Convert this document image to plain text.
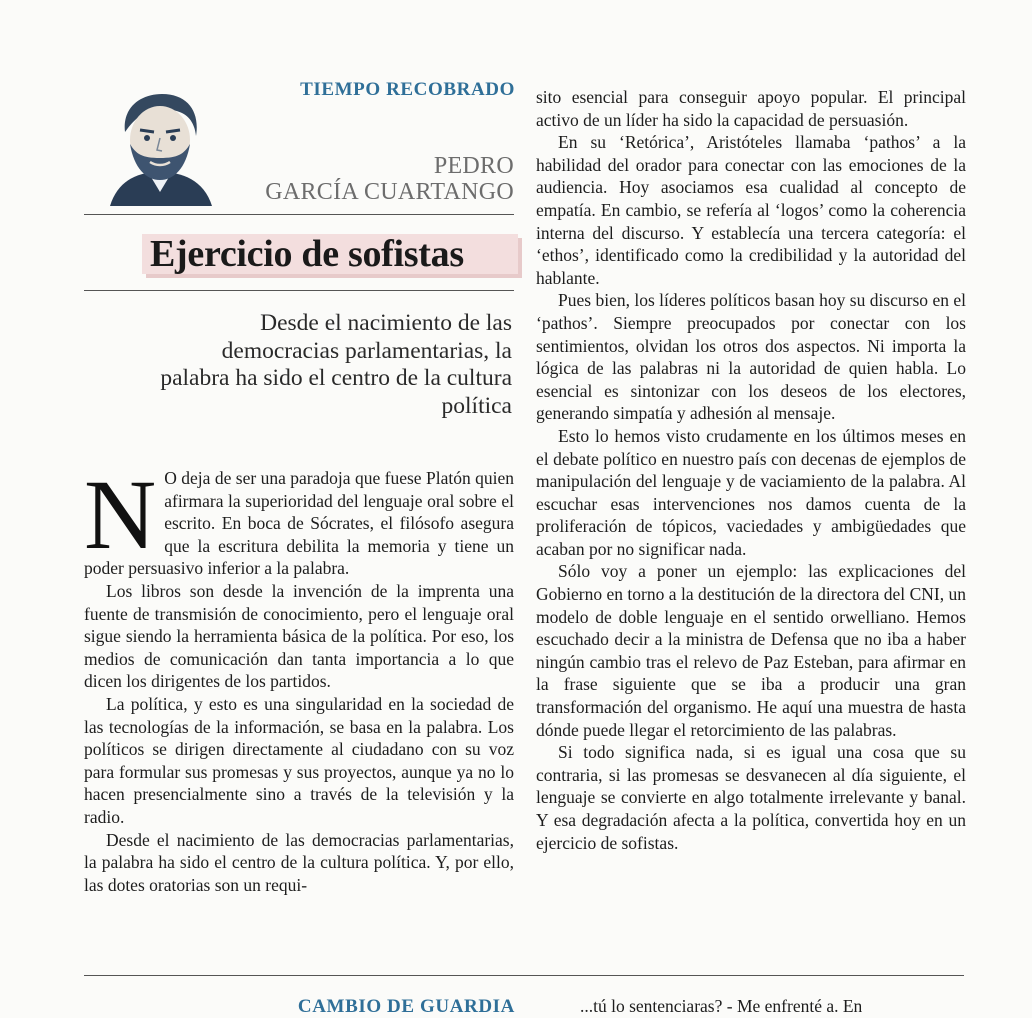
TIEMPO RECOBRADO
PEDRO
GARCÍA CUARTANGO
Ejercicio de sofistas
Desde el nacimiento de las democracias parlamentarias, la palabra ha sido el centro de la cultura política

N O deja de ser una paradoja que fuese Platón quien afirmara la superioridad del lenguaje oral sobre el escrito. En boca de Sócrates, el filósofo asegura que la escritura debilita la memoria y tiene un poder persuasivo inferior a la palabra.

Los libros son desde la invención de la imprenta una fuente de transmisión de conocimiento, pero el lenguaje oral sigue siendo la herramienta básica de la política. Por eso, los medios de comunicación dan tanta importancia a lo que dicen los dirigentes de los partidos.

La política, y esto es una singularidad en la sociedad de las tecnologías de la información, se basa en la palabra. Los políticos se dirigen directamente al ciudadano con su voz para formular sus promesas y sus proyectos, aunque ya no lo hacen presencialmente sino a través de la televisión y la radio.

Desde el nacimiento de las democracias parlamentarias, la palabra ha sido el centro de la cultura política. Y, por ello, las dotes oratorias son un requi-

sito esencial para conseguir apoyo popular. El principal activo de un líder ha sido la capacidad de persuasión.

En su ‘Retórica’, Aristóteles llamaba ‘pathos’ a la habilidad del orador para conectar con las emociones de la audiencia. Hoy asociamos esa cualidad al concepto de empatía. En cambio, se refería al ‘logos’ como la coherencia interna del discurso. Y establecía una tercera categoría: el ‘ethos’, identificado como la credibilidad y la autoridad del hablante.

Pues bien, los líderes políticos basan hoy su discurso en el ‘pathos’. Siempre preocupados por conectar con los sentimientos, olvidan los otros dos aspectos. Ni importa la lógica de las palabras ni la autoridad de quien habla. Lo esencial es sintonizar con los deseos de los electores, generando simpatía y adhesión al mensaje.

Esto lo hemos visto crudamente en los últimos meses en el debate político en nuestro país con decenas de ejemplos de manipulación del lenguaje y de vaciamiento de la palabra. Al escuchar esas intervenciones nos damos cuenta de la proliferación de tópicos, vaciedades y ambigüedades que acaban por no significar nada.

Sólo voy a poner un ejemplo: las explicaciones del Gobierno en torno a la destitución de la directora del CNI, un modelo de doble lenguaje en el sentido orwelliano. Hemos escuchado decir a la ministra de Defensa que no iba a haber ningún cambio tras el relevo de Paz Esteban, para afirmar en la frase siguiente que se iba a producir una gran transformación del organismo. He aquí una muestra de hasta dónde puede llegar el retorcimiento de las palabras.

Si todo significa nada, si es igual una cosa que su contraria, si las promesas se desvanecen al día siguiente, el lenguaje se convierte en algo totalmente irrelevante y banal. Y esa degradación afecta a la política, convertida hoy en un ejercicio de sofistas.

CAMBIO DE GUARDIA	...tú lo sentenciaras? - Me enfrenté a. En
